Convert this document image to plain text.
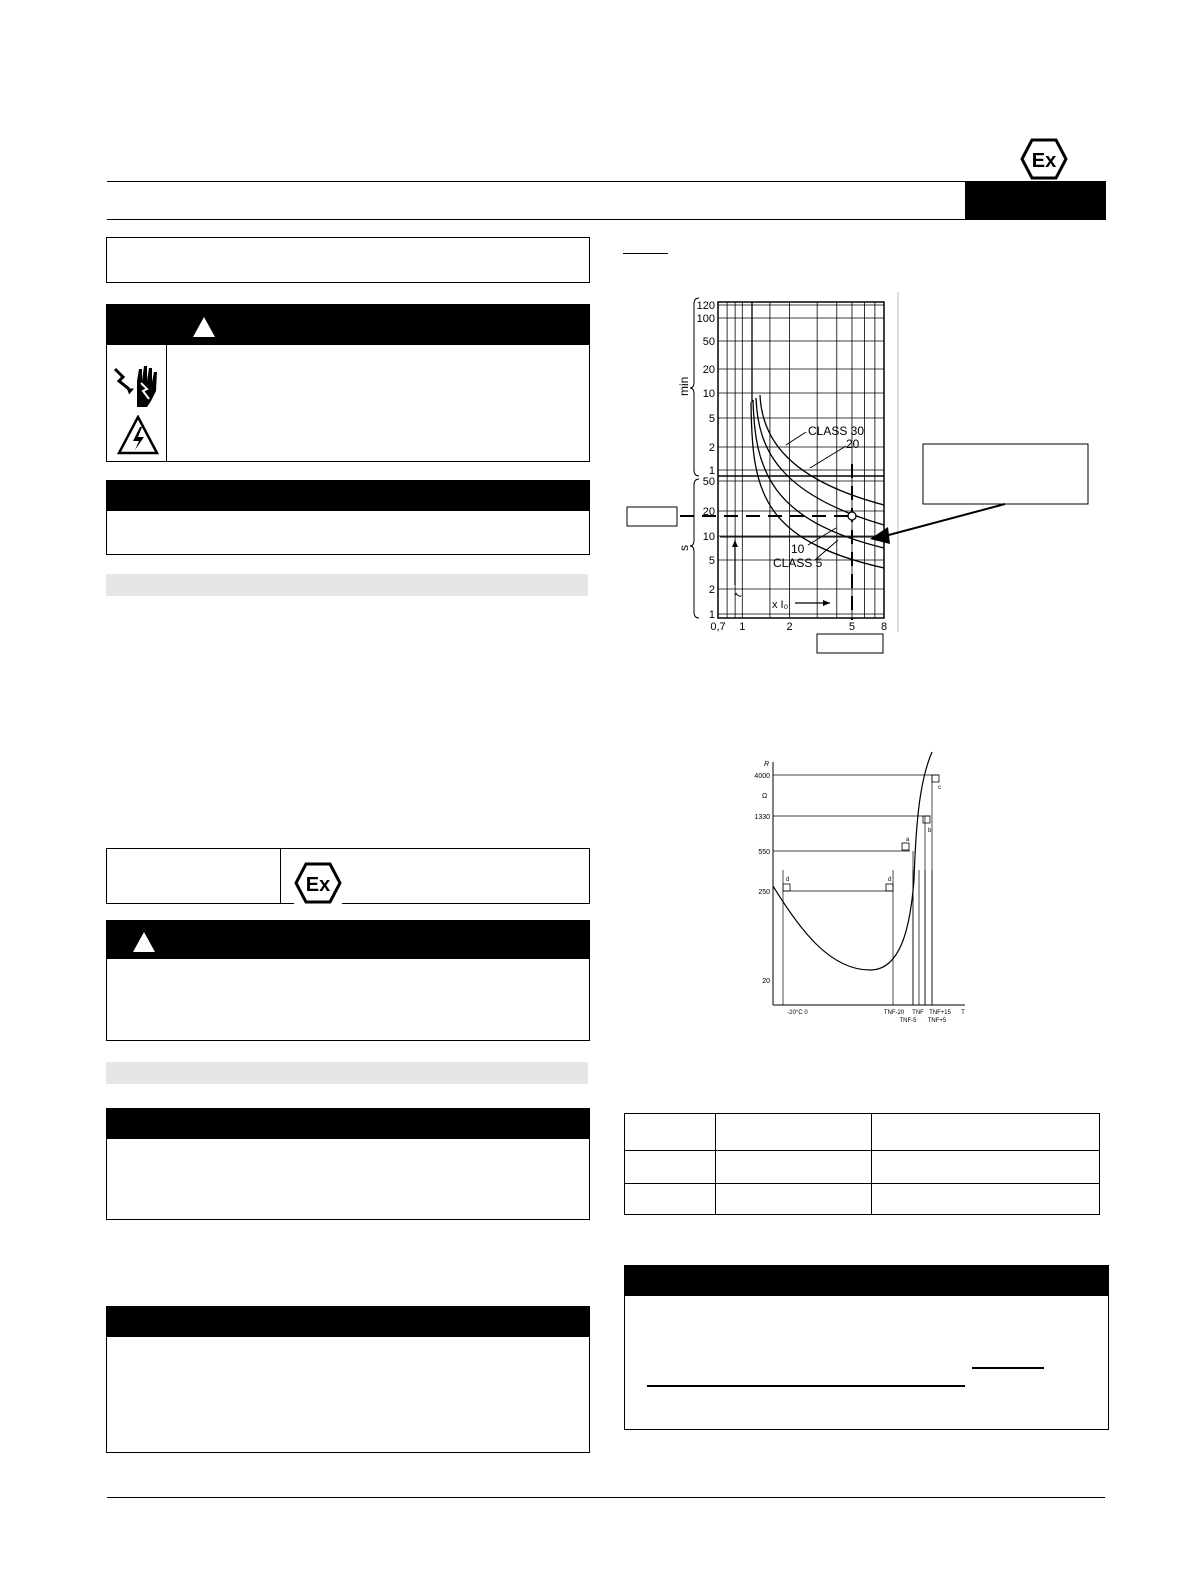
Ex
Ex
120
100
50
20
10
5
2
1
50
20
10
5
2
1
min
s
0,7 1	2	5 8
x I₀
t
CLASS 30
20
10
CLASS 5
R
Ω
4000
1330
550
250
20
a
b
c
d	d
-20°C 0	TNF-20
TNF-5
TNF TNF+15
TNF+5
T
